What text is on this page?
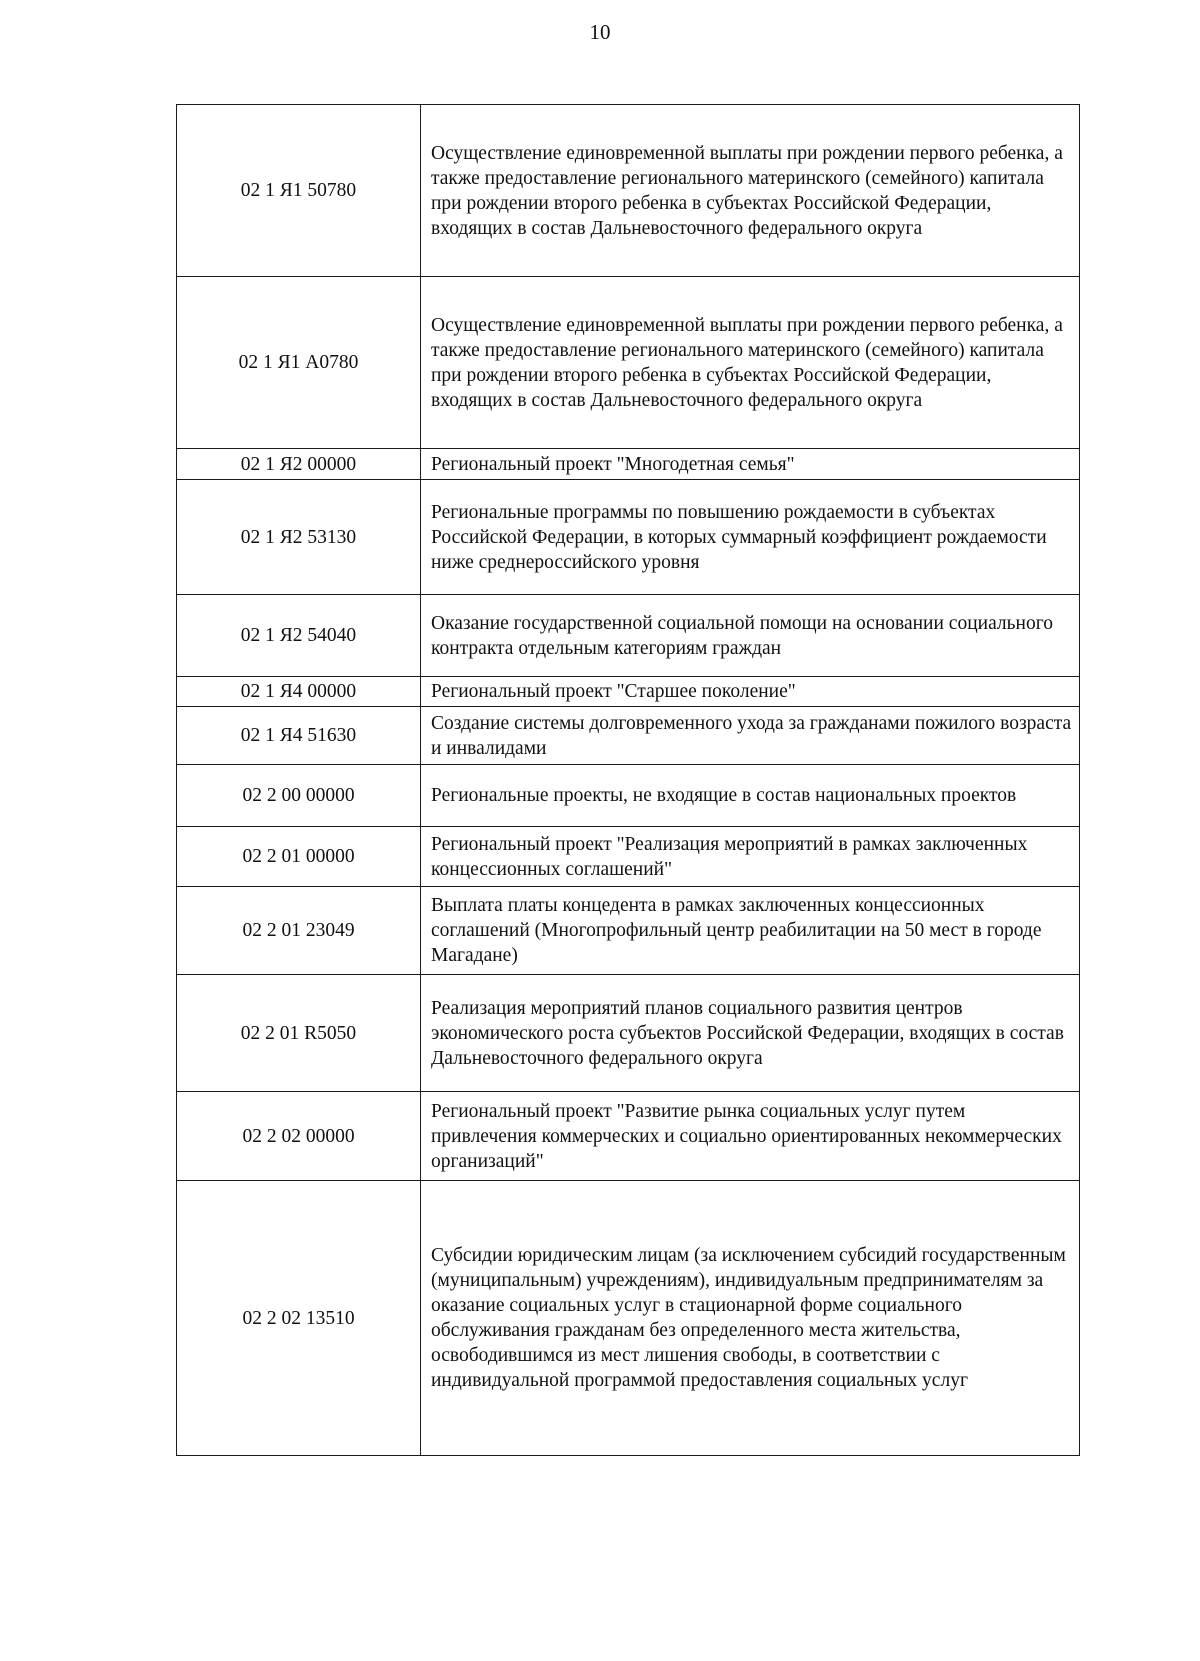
10
02 1 Я1 50780	Осуществление единовременной выплаты при рождении первого ребенка, а также предоставление регионального материнского (семейного) капитала при рождении второго ребенка в субъектах Российской Федерации, входящих в состав Дальневосточного федерального округа
02 1 Я1 А0780	Осуществление единовременной выплаты при рождении первого ребенка, а также предоставление регионального материнского (семейного) капитала при рождении второго ребенка в субъектах Российской Федерации, входящих в состав Дальневосточного федерального округа
02 1 Я2 00000	Региональный проект "Многодетная семья"
02 1 Я2 53130	Региональные программы по повышению рождаемости в субъектах Российской Федерации, в которых суммарный коэффициент рождаемости ниже среднероссийского уровня
02 1 Я2 54040	Оказание государственной социальной помощи на основании социального контракта отдельным категориям граждан
02 1 Я4 00000	Региональный проект "Старшее поколение"
02 1 Я4 51630	Создание системы долговременного ухода за гражданами пожилого возраста и инвалидами
02 2 00 00000	Региональные проекты, не входящие в состав национальных проектов
02 2 01 00000	Региональный проект "Реализация мероприятий в рамках заключенных концессионных соглашений"
02 2 01 23049	Выплата платы концедента в рамках заключенных концессионных соглашений (Многопрофильный центр реабилитации на 50 мест в городе Магадане)
02 2 01 R5050	Реализация мероприятий планов социального развития центров экономического роста субъектов Российской Федерации, входящих в состав Дальневосточного федерального округа
02 2 02 00000	Региональный проект "Развитие рынка социальных услуг путем привлечения коммерческих и социально ориентированных некоммерческих организаций"
02 2 02 13510	Субсидии юридическим лицам (за исключением субсидий государственным (муниципальным) учреждениям), индивидуальным предпринимателям за оказание социальных услуг в стационарной форме социального обслуживания гражданам без определенного места жительства, освободившимся из мест лишения свободы, в соответствии с индивидуальной программой предоставления социальных услуг
